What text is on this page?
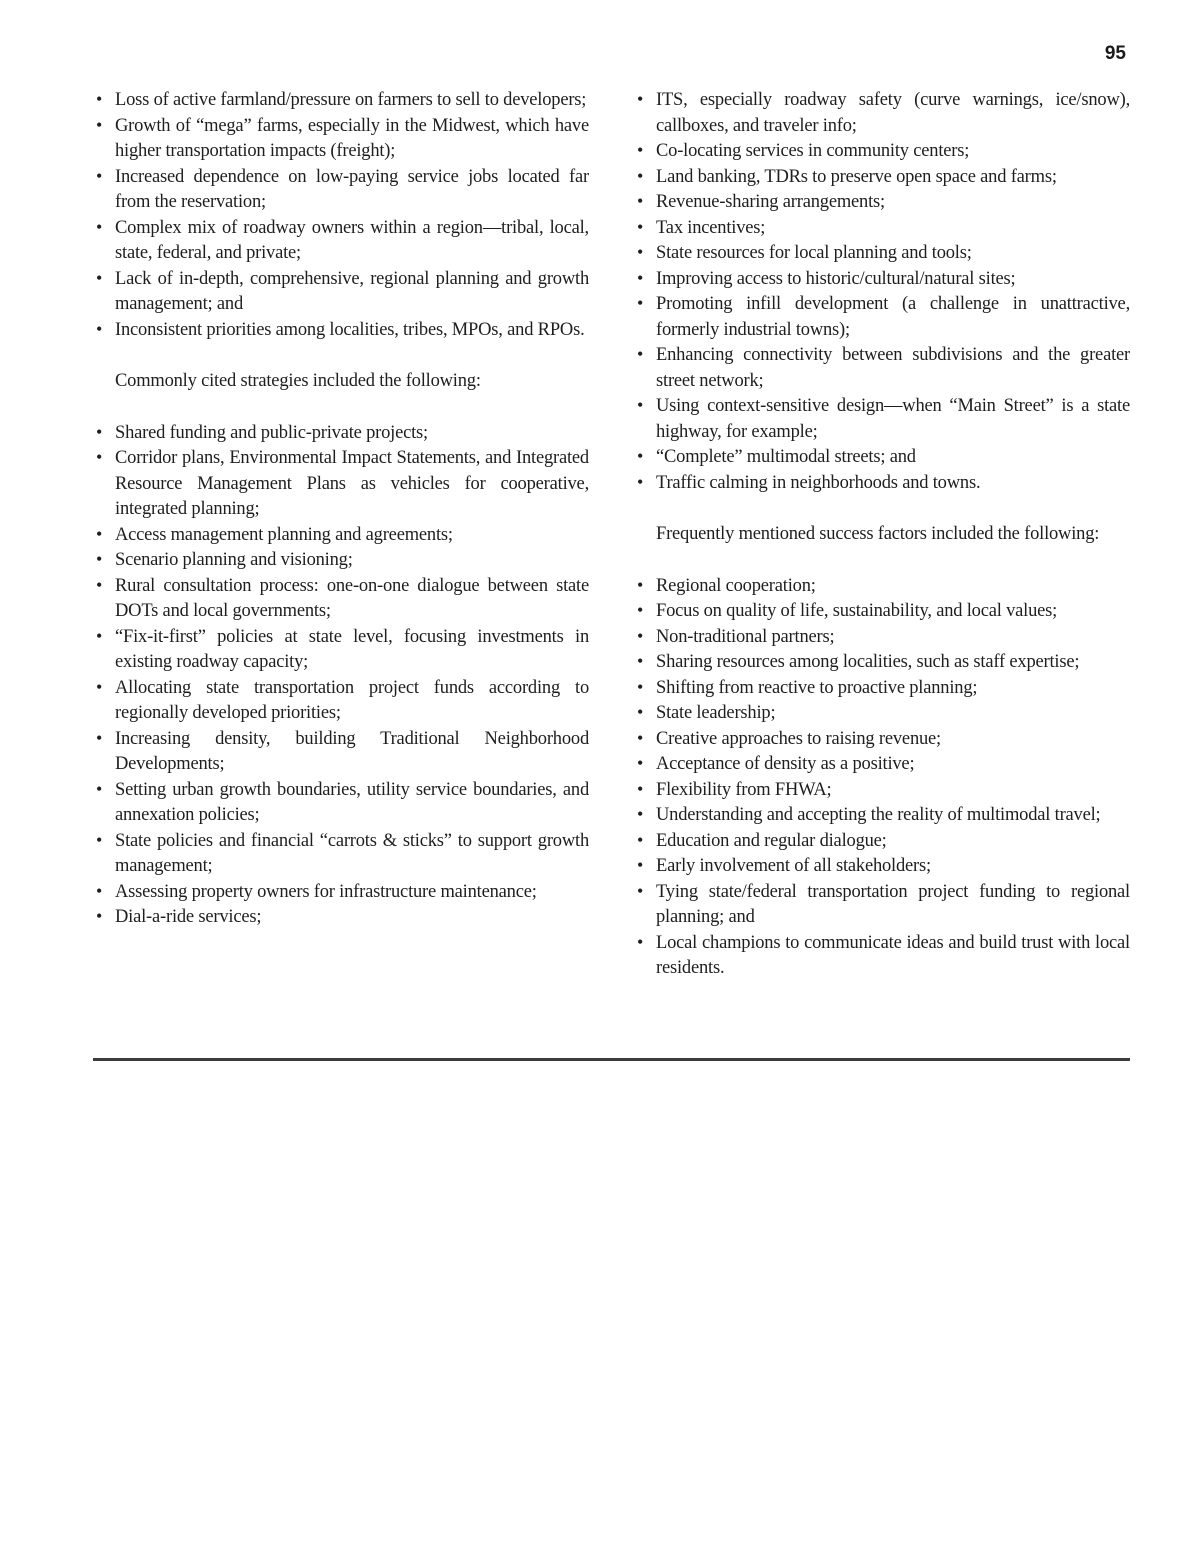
95
• Loss of active farmland/pressure on farmers to sell to developers;
• Growth of “mega” farms, especially in the Midwest, which have higher transportation impacts (freight);
• Increased dependence on low-paying service jobs located far from the reservation;
• Complex mix of roadway owners within a region—tribal, local, state, federal, and private;
• Lack of in-depth, comprehensive, regional planning and growth management; and
• Inconsistent priorities among localities, tribes, MPOs, and RPOs.

Commonly cited strategies included the following:

• Shared funding and public-private projects;
• Corridor plans, Environmental Impact Statements, and Integrated Resource Management Plans as vehicles for cooperative, integrated planning;
• Access management planning and agreements;
• Scenario planning and visioning;
• Rural consultation process: one-on-one dialogue between state DOTs and local governments;
• “Fix-it-first” policies at state level, focusing investments in existing roadway capacity;
• Allocating state transportation project funds according to regionally developed priorities;
• Increasing density, building Traditional Neighborhood Developments;
• Setting urban growth boundaries, utility service boundaries, and annexation policies;
• State policies and financial “carrots & sticks” to support growth management;
• Assessing property owners for infrastructure maintenance;
• Dial-a-ride services;
• ITS, especially roadway safety (curve warnings, ice/snow), callboxes, and traveler info;
• Co-locating services in community centers;
• Land banking, TDRs to preserve open space and farms;
• Revenue-sharing arrangements;
• Tax incentives;
• State resources for local planning and tools;
• Improving access to historic/cultural/natural sites;
• Promoting infill development (a challenge in unattractive, formerly industrial towns);
• Enhancing connectivity between subdivisions and the greater street network;
• Using context-sensitive design—when “Main Street” is a state highway, for example;
• “Complete” multimodal streets; and
• Traffic calming in neighborhoods and towns.

Frequently mentioned success factors included the following:

• Regional cooperation;
• Focus on quality of life, sustainability, and local values;
• Non-traditional partners;
• Sharing resources among localities, such as staff expertise;
• Shifting from reactive to proactive planning;
• State leadership;
• Creative approaches to raising revenue;
• Acceptance of density as a positive;
• Flexibility from FHWA;
• Understanding and accepting the reality of multimodal travel;
• Education and regular dialogue;
• Early involvement of all stakeholders;
• Tying state/federal transportation project funding to regional planning; and
• Local champions to communicate ideas and build trust with local residents.
